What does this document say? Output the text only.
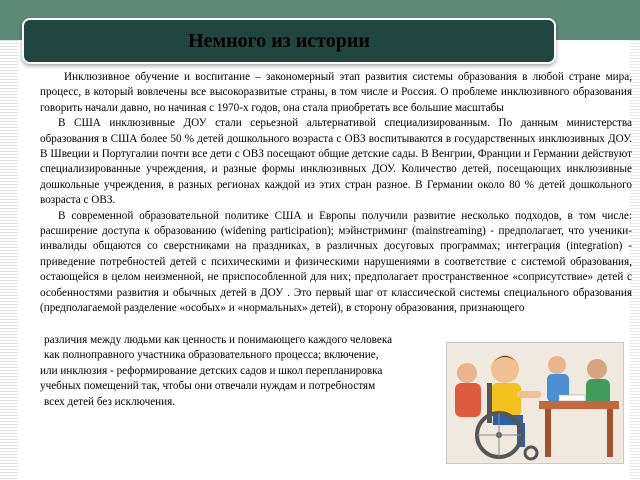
Немного из истории

Инклюзивное обучение и воспитание – закономерный этап развития системы образования в любой стране мира, процесс, в который вовлечены все высокоразвитые страны, в том числе и Россия. О проблеме инклюзивного образования говорить начали давно, но начиная с 1970-х годов, она стала приобретать все большие масштабы

В США инклюзивные ДОУ стали серьезной альтернативой специализированным. По данным министерства образования в США более 50 % детей дошкольного возраста с ОВЗ воспитываются в государственных инклюзивных ДОУ. В Швеции и Португалии почти все дети с ОВЗ посещают общие детские сады. В Венгрии, Франции и Германии действуют специализированные учреждения, и разные формы инклюзивных ДОУ. Количество детей, посещающих инклюзивные дошкольные учреждения, в разных регионах каждой из этих стран разное. В Германии около 80 % детей дошкольного возраста с ОВЗ.

В современной образовательной политике США и Европы получили развитие несколько подходов, в том числе: расширение доступа к образованию (widening participation); мэйнстриминг (mainstreaming) - предполагает, что ученики-инвалиды общаются со сверстниками на праздниках, в различных досуговых программах; интеграция (integration) - приведение потребностей детей с психическими и физическими нарушениями в соответствие с системой образования, остающейся в целом неизменной, не приспособленной для них; предполагает пространственное «соприсутствие» детей с особенностями развития и обычных детей в ДОУ . Это первый шаг от классической системы специального образования (предполагаемой разделение «особых» и «нормальных» детей), в сторону образования, признающего

различия между людьми как ценность и понимающего каждого человека
как полноправного участника образовательного процесса; включение,
или инклюзия - реформирование детских садов и школ перепланировка
учебных помещений так, чтобы они отвечали нуждам и потребностям
всех детей без исключения.
